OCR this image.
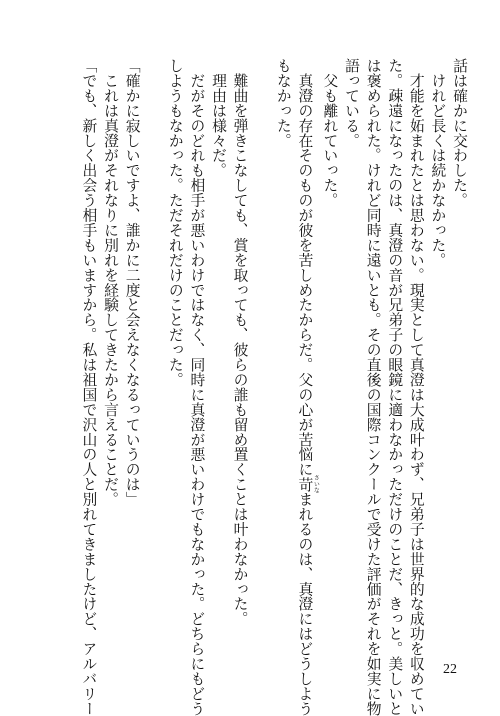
話は確かに交わした。
　けれど長くは続かなかった。
　才能を妬まれたとは思わない。現実として真澄は大成叶わず、兄弟子は世界的な成功を収めてい
た。疎遠になったのは、真澄の音が兄弟子の眼鏡に適わなかっただけのことだ、きっと。美しいと
は褒められた。けれど同時に遠いとも。その直後の国際コンクールで受けた評価がそれを如実に物
語っている。
　父も離れていった。
　真澄の存在そのものが彼を苦しめたからだ。父の心が苦悩に苛 さいなまれるのは、真澄にはどうしよう
もなかった。
　難曲を弾きこなしても、賞を取っても、彼らの誰も留め置くことは叶わなかった。
　理由は様々だ。
　だがそのどれも相手が悪いわけではなく、同時に真澄が悪いわけでもなかった。どちらにもどう
しようもなかった。ただそれだけのことだった。
「確かに寂しいですよ、誰かに二度と会えなくなるっていうのは」
　これは真澄がそれなりに別れを経験してきたから言えることだ。
「でも、新しく出会う相手もいますから。私は祖国で沢山の人と別れてきましたけど、アルバリー	22
